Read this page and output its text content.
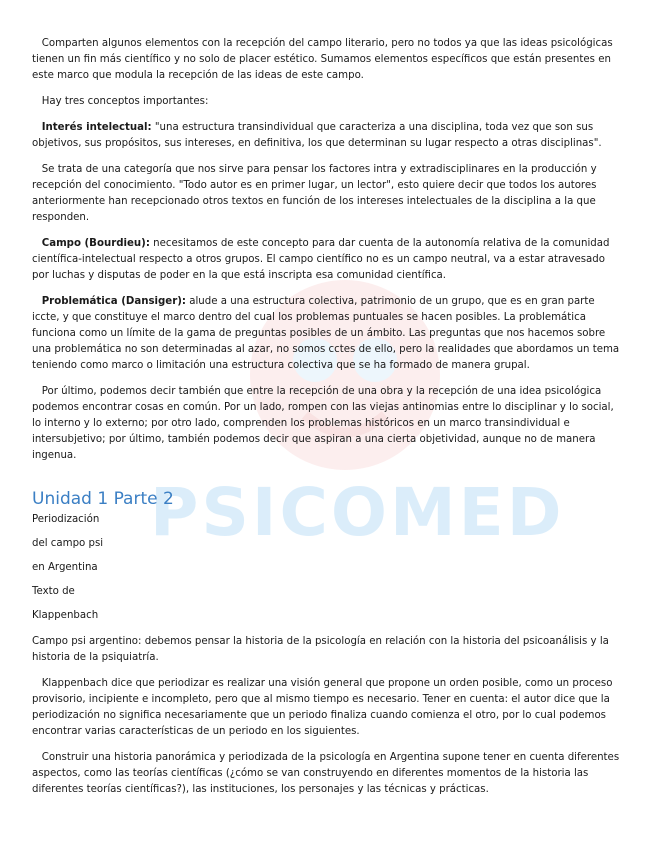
PSICOMED

Comparten algunos elementos con la recepción del campo literario, pero no todos ya que las ideas psicológicas tienen un fin más científico y no solo de placer estético. Sumamos elementos específicos que están presentes en este marco que modula la recepción de las ideas de este campo.

Hay tres conceptos importantes:

Interés intelectual: "una estructura transindividual que caracteriza a una disciplina, toda vez que son sus objetivos, sus propósitos, sus intereses, en definitiva, los que determinan su lugar respecto a otras disciplinas".

Se trata de una categoría que nos sirve para pensar los factores intra y extradisciplinares en la producción y recepción del conocimiento. "Todo autor es en primer lugar, un lector", esto quiere decir que todos los autores anteriormente han recepcionado otros textos en función de los intereses intelectuales de la disciplina a la que responden.

Campo (Bourdieu): necesitamos de este concepto para dar cuenta de la autonomía relativa de la comunidad científica-intelectual respecto a otros grupos. El campo científico no es un campo neutral, va a estar atravesado por luchas y disputas de poder en la que está inscripta esa comunidad científica.

Problemática (Dansiger): alude a una estructura colectiva, patrimonio de un grupo, que es en gran parte iccte, y que constituye el marco dentro del cual los problemas puntuales se hacen posibles. La problemática funciona como un límite de la gama de preguntas posibles de un ámbito. Las preguntas que nos hacemos sobre una problemática no son determinadas al azar, no somos cctes de ello, pero la realidades que abordamos un tema teniendo como marco o limitación una estructura colectiva que se ha formado de manera grupal.

Por último, podemos decir también que entre la recepción de una obra y la recepción de una idea psicológica podemos encontrar cosas en común. Por un lado, rompen con las viejas antinomias entre lo disciplinar y lo social, lo interno y lo externo; por otro lado, comprenden los problemas históricos en un marco transindividual e intersubjetivo; por último, también podemos decir que aspiran a una cierta objetividad, aunque no de manera ingenua.

Unidad 1 Parte 2
Periodización
del campo psi
en Argentina
Texto de
Klappenbach

Campo psi argentino: debemos pensar la historia de la psicología en relación con la historia del psicoanálisis y la historia de la psiquiatría.

Klappenbach dice que periodizar es realizar una visión general que propone un orden posible, como un proceso provisorio, incipiente e incompleto, pero que al mismo tiempo es necesario. Tener en cuenta: el autor dice que la periodización no significa necesariamente que un periodo finaliza cuando comienza el otro, por lo cual podemos encontrar varias características de un periodo en los siguientes.

Construir una historia panorámica y periodizada de la psicología en Argentina supone tener en cuenta diferentes aspectos, como las teorías científicas (¿cómo se van construyendo en diferentes momentos de la historia las diferentes teorías científicas?), las instituciones, los personajes y las técnicas y prácticas.
